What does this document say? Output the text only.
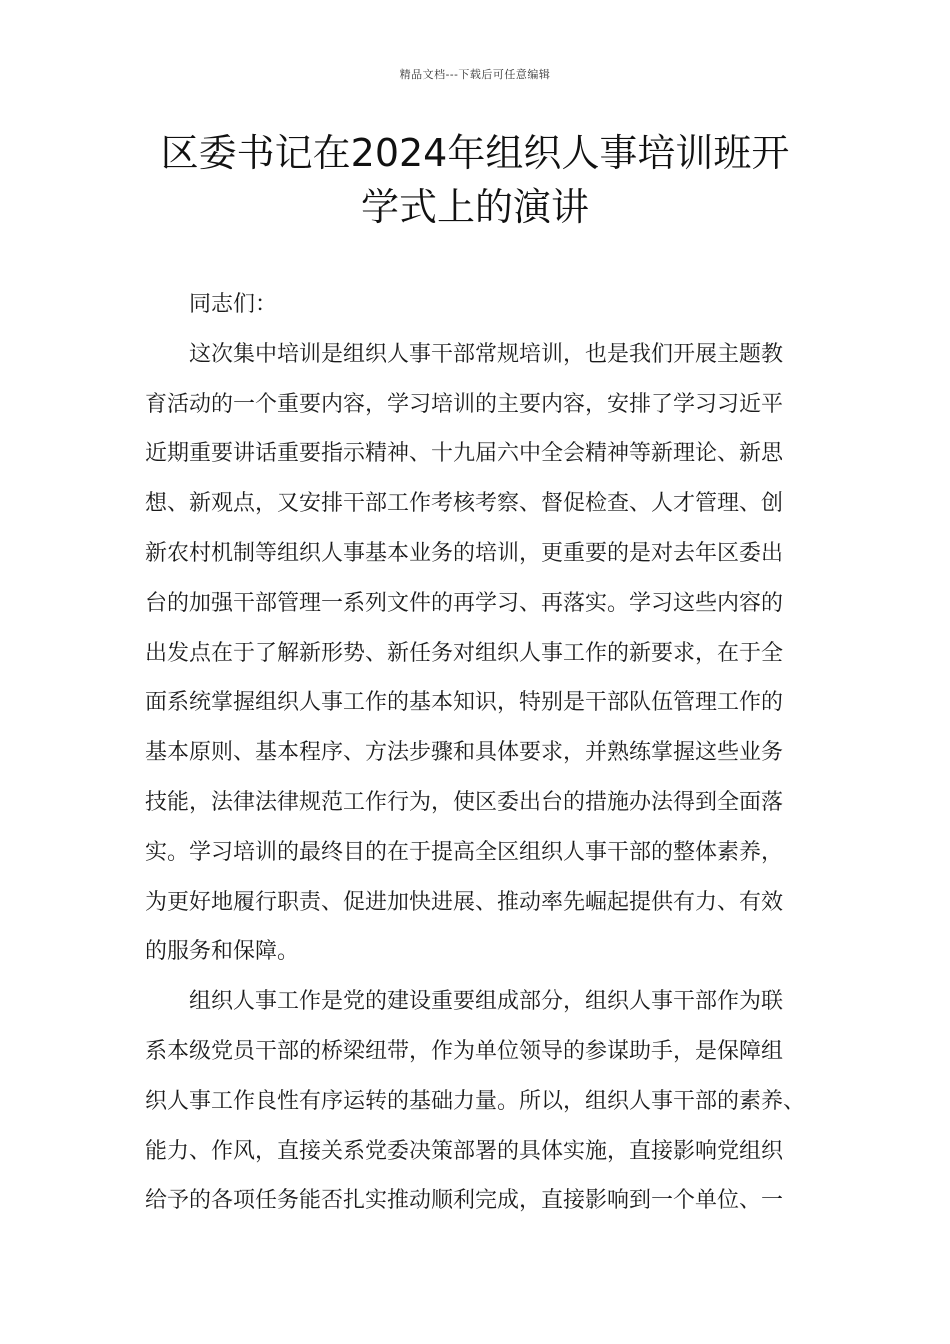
精品文档---下载后可任意编辑
区委书记在2024年组织人事培训班开
学式上的演讲
同志们：
这次集中培训是组织人事干部常规培训，也是我们开展主题教
育活动的一个重要内容，学习培训的主要内容，安排了学习习近平
近期重要讲话重要指示精神、十九届六中全会精神等新理论、新思
想、新观点，又安排干部工作考核考察、督促检查、人才管理、创
新农村机制等组织人事基本业务的培训，更重要的是对去年区委出
台的加强干部管理一系列文件的再学习、再落实。学习这些内容的
出发点在于了解新形势、新任务对组织人事工作的新要求，在于全
面系统掌握组织人事工作的基本知识，特别是干部队伍管理工作的
基本原则、基本程序、方法步骤和具体要求，并熟练掌握这些业务
技能，法律法律规范工作行为，使区委出台的措施办法得到全面落
实。学习培训的最终目的在于提高全区组织人事干部的整体素养，
为更好地履行职责、促进加快进展、推动率先崛起提供有力、有效
的服务和保障。
组织人事工作是党的建设重要组成部分，组织人事干部作为联
系本级党员干部的桥梁纽带，作为单位领导的参谋助手，是保障组
织人事工作良性有序运转的基础力量。所以，组织人事干部的素养、
能力、作风，直接关系党委决策部署的具体实施，直接影响党组织
给予的各项任务能否扎实推动顺利完成，直接影响到一个单位、一
